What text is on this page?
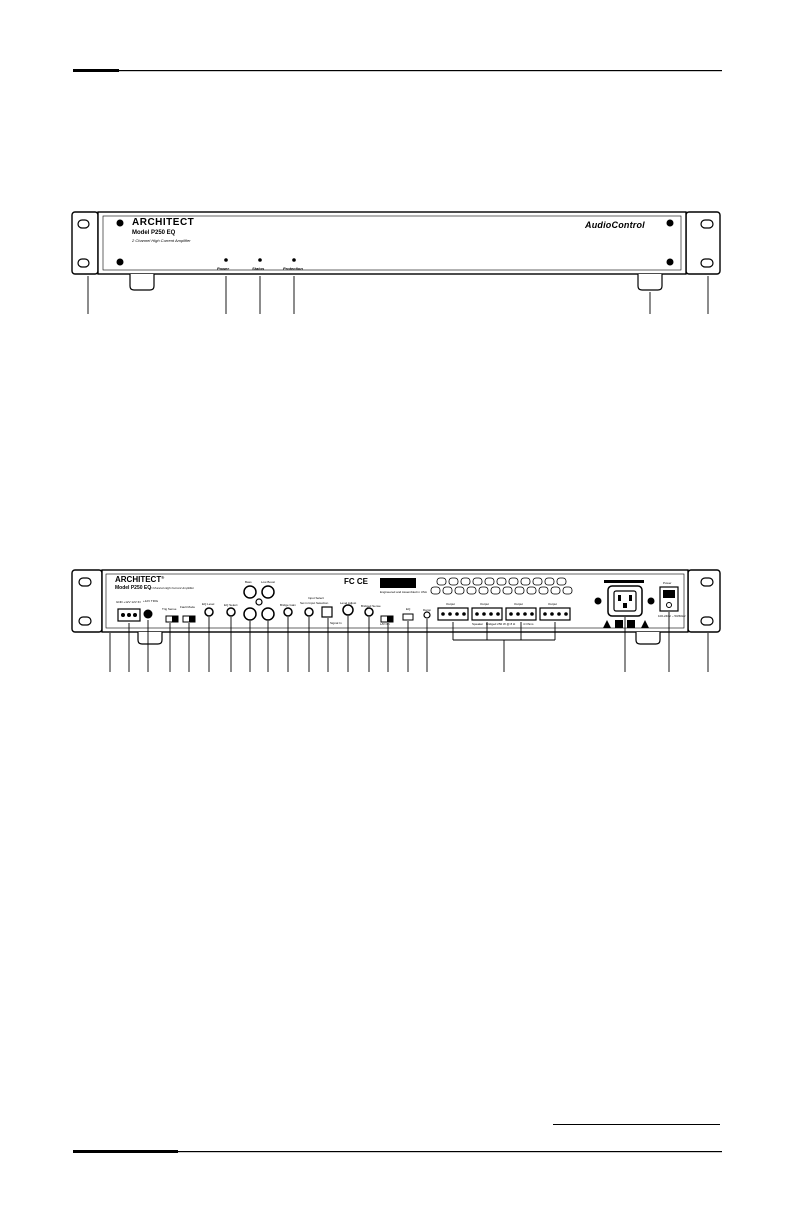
ARCHITECT
Model P250 EQ
2 Channel High Current Amplifier
AudioControl
Power	Status	Protection
ARCHITECT®
Model P250 EQ
2 Channel High Current Amplifier
GND +12V 12V IN +12V TRIG
Trig Sense Fault Mode
EQ Level	EQ Select
Bass	Low Boost
Bridge Gain
Input Select
Set in Input Selection	Level Adjust
Signal In
Bridged Sense
EQ
L/R On
Damp
FC CE
Engineered and Assembled in USA
Output	Output	Output	Output
Speaker Bridged 250 W @ 8 Ω	4 Ohms
Power
100-240V ~ 50/60Hz
